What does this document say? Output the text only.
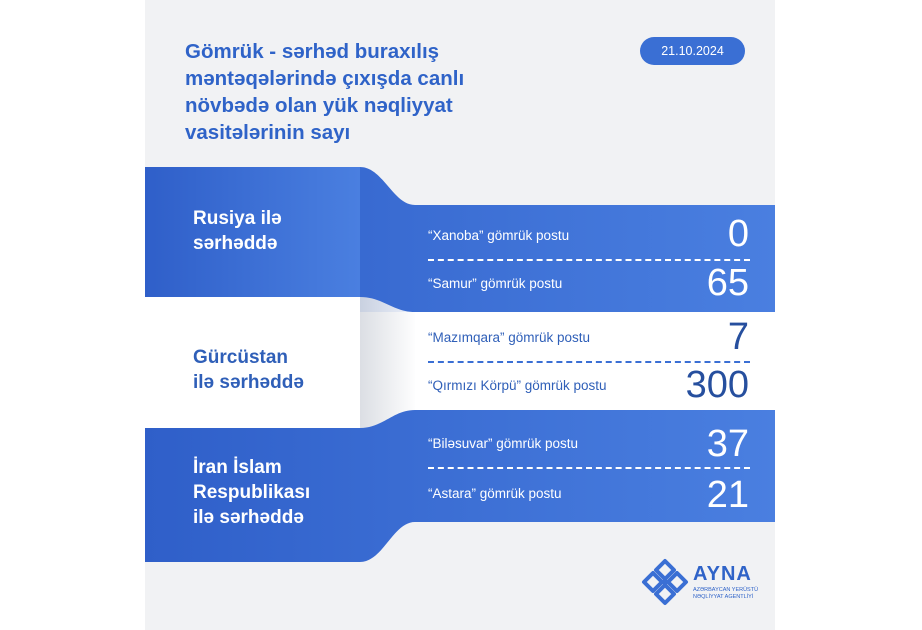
Gömrük - sərhəd buraxılış məntəqələrində çıxışda canlı növbədə olan yük nəqliyyat vasitələrinin sayı
21.10.2024
Rusiya ilə
sərhəddə	“Xanoba” gömrük postu	0
“Samur” gömrük postu	65
Gürcüstan
ilə sərhəddə
“Mazımqara” gömrük postu	7
“Qırmızı Körpü” gömrük postu 300
İran İslam
Respublikası
ilə sərhəddə
“Biləsuvar” gömrük postu	37
“Astara” gömrük postu	21
AYNA
AZƏRBAYCAN YERÜSTÜ
NƏQLİYYAT AGENTLİYİ
